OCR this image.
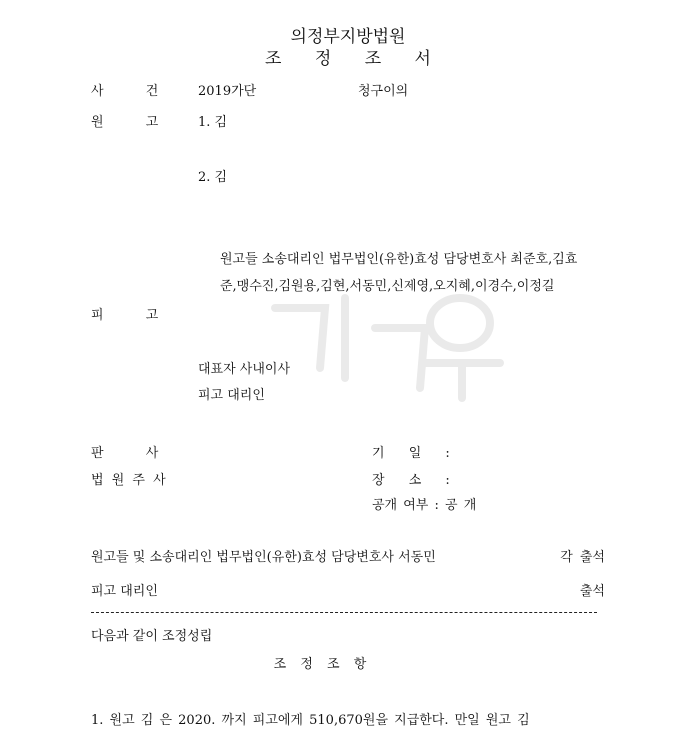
의정부지방법원
조 정 조 서
사 건	2019가단	청구이의
원 고	1. 김
2. 김
원고들 소송대리인 법무법인(유한)효성 담당변호사 최준호,김효
준,맹수진,김원용,김현,서동민,신제영,오지혜,이경수,이정길
피 고
대표자 사내이사
피고 대리인
판 사
법 원 주 사
기 일 :
장 소 :
공개 여부 : 공 개
원고들 및 소송대리인 법무법인(유한)효성 담당변호사 서동민	각 출석
피고 대리인	출석
다음과 같이 조정성립
조 정 조 항
1. 원고 김 은 2020. 까지 피고에게 510,670원을 지급한다. 만일 원고 김
